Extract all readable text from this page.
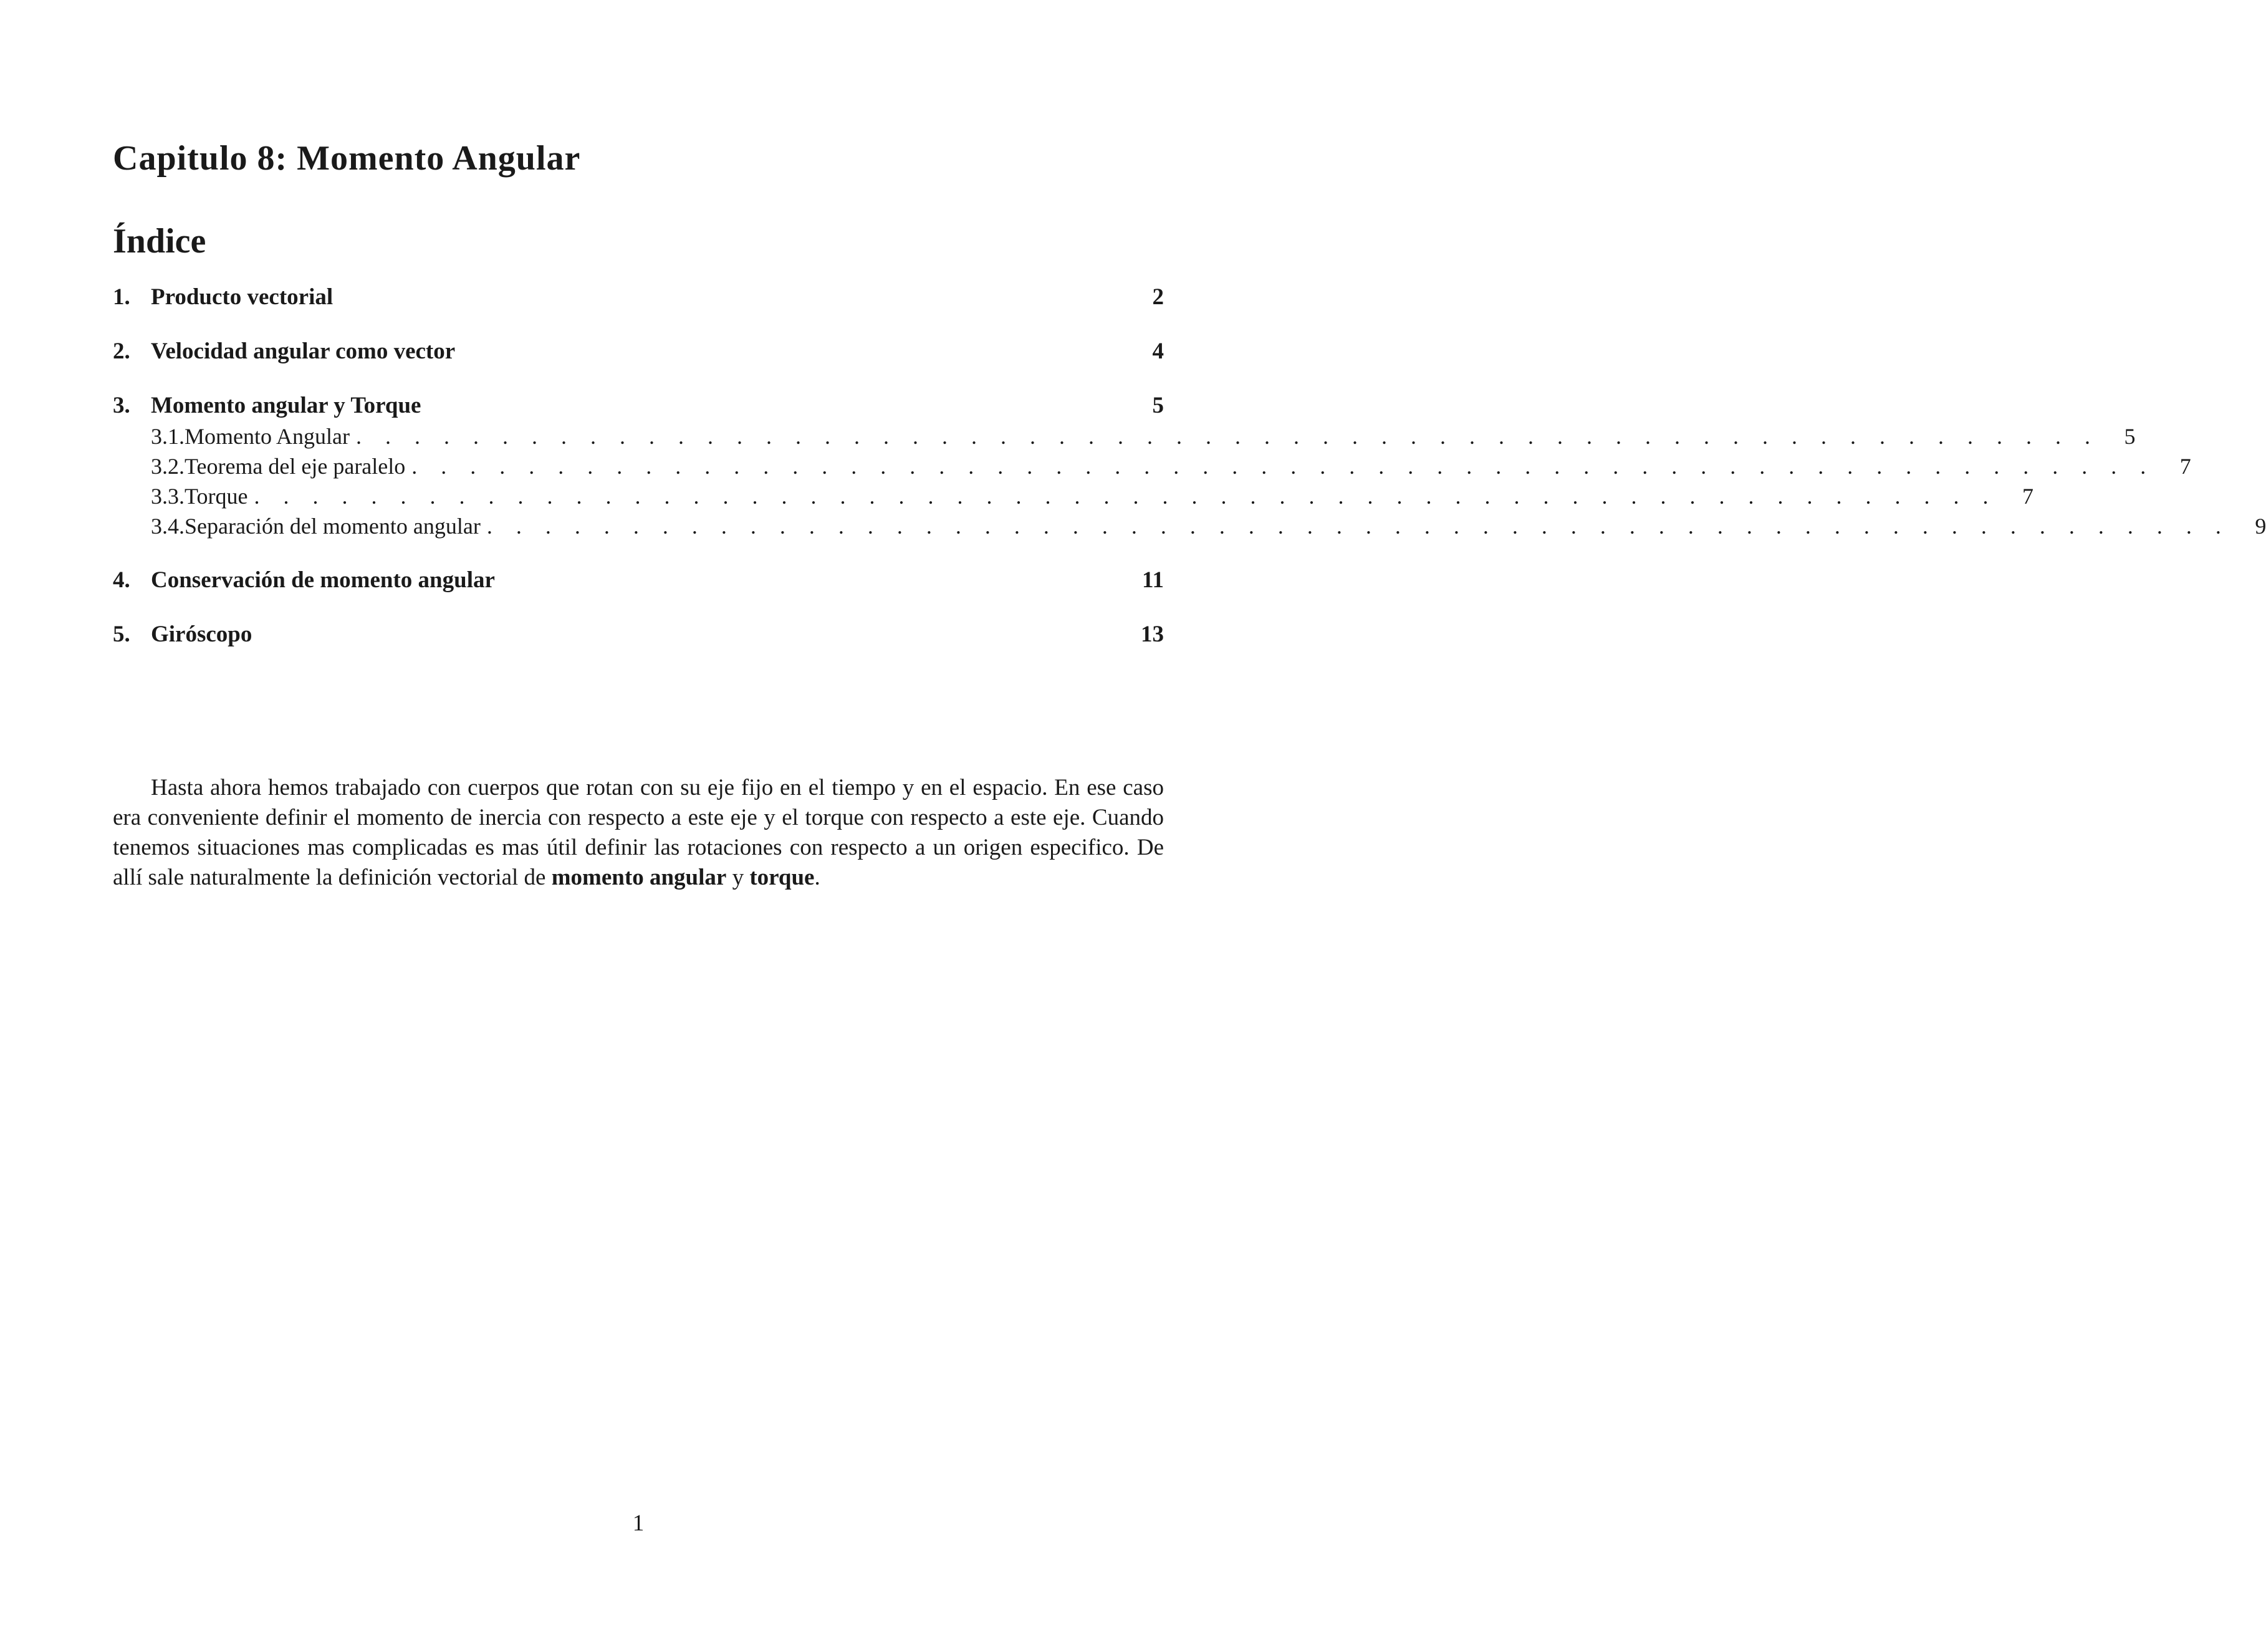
Capitulo 8: Momento Angular
Índice
1. Producto vectorial	2
2. Velocidad angular como vector	4
3. Momento angular y Torque	5
3.1. Momento Angular . . . . . . . . . . . . . . . . . . . . . . . . . . . . . . . . . . . . . . . . . . . . . . . . . . . . . . . . . . . .	5
3.2. Teorema del eje paralelo . . . . . . . . . . . . . . . . . . . . . . . . . . . . . . . . . . . . . . . . . . . . . . . . . . . . . . . . . . . .	7
3.3. Torque . . . . . . . . . . . . . . . . . . . . . . . . . . . . . . . . . . . . . . . . . . . . . . . . . . . . . . . . . . . .	7
3.4. Separación del momento angular . . . . . . . . . . . . . . . . . . . . . . . . . . . . . . . . . . . . . . . . . . . . . . . . . . . . . . . . . . . .	9
4. Conservación de momento angular	11
5. Giróscopo	13

Hasta ahora hemos trabajado con cuerpos que rotan con su eje fijo en el tiempo y en el espacio. En ese caso era conveniente definir el momento de inercia con respecto a este eje y el torque con respecto a este eje. Cuando tenemos situaciones mas complicadas es mas útil definir las rotaciones con respecto a un origen especifico. De allí sale naturalmente la definición vectorial de momento angular y torque.

1
